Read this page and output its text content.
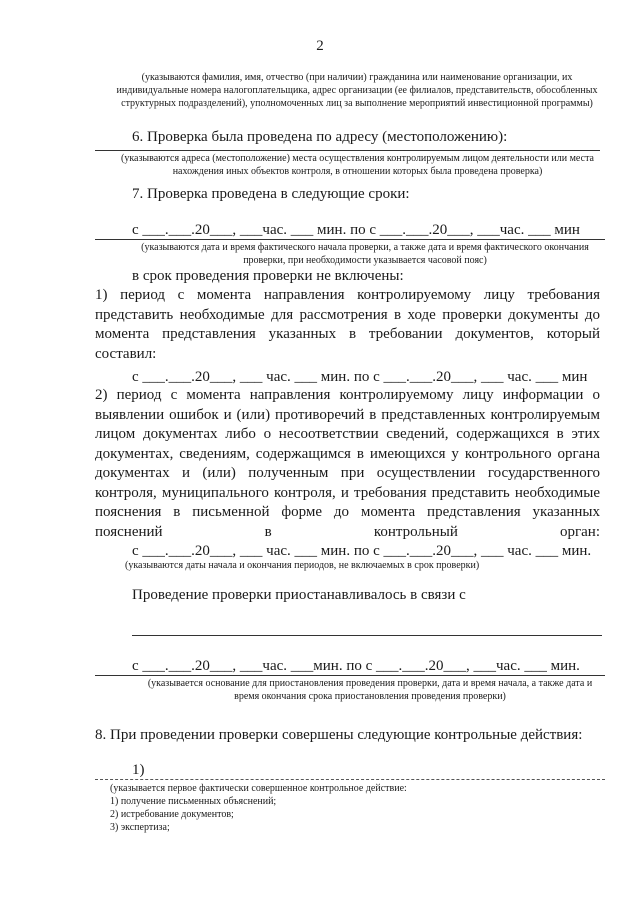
2

(указываются фамилия, имя, отчество (при наличии) гражданина или наименование организации, их индивидуальные номера налогоплательщика, адрес организации (ее филиалов, представительств, обособленных структурных подразделений), уполномоченных лиц за выполнение мероприятий инвестиционной программы)

6. Проверка была проведена по адресу (местоположению):

(указываются адреса (местоположение) места осуществления контролируемым лицом деятельности или места нахождения иных объектов контроля, в отношении которых была проведена проверка)

7. Проверка проведена в следующие сроки:
с ___.___.20___, ___час. ___ мин. по с ___.___.20___, ___час. ___ мин

(указываются дата и время фактического начала проверки, а также дата и время фактического окончания проверки, при необходимости указывается часовой пояс)

в срок проведения проверки не включены:

1) период с момента направления контролируемому лицу требования представить необходимые для рассмотрения в ходе проверки документы до момента представления указанных в требовании документов, который составил:

с ___.___.20___, ___ час. ___ мин. по с ___.___.20___, ___ час. ___ мин

2) период с момента направления контролируемому лицу информации о выявлении ошибок и (или) противоречий в представленных контролируемым лицом документах либо о несоответствии сведений, содержащихся в этих документах, сведениям, содержащимся в имеющихся у контрольного органа документах и (или) полученным при осуществлении государственного контроля, муниципального контроля, и требования представить необходимые пояснения в письменной форме до момента представления указанных пояснений в контрольный орган:

с ___.___.20___, ___ час. ___ мин. по с ___.___.20___, ___ час. ___ мин.

(указываются даты начала и окончания периодов, не включаемых в срок проверки)

Проведение проверки приостанавливалось в связи с
с ___.___.20___, ___час. ___мин. по с ___.___.20___, ___час. ___ мин.

(указывается основание для приостановления проведения проверки, дата и время начала, а также дата и время окончания срока приостановления проведения проверки)

8. При проведении проверки совершены следующие контрольные действия:

1)
(указывается первое фактически совершенное контрольное действие:
1) получение письменных объяснений;
2) истребование документов;
3) экспертиза;
